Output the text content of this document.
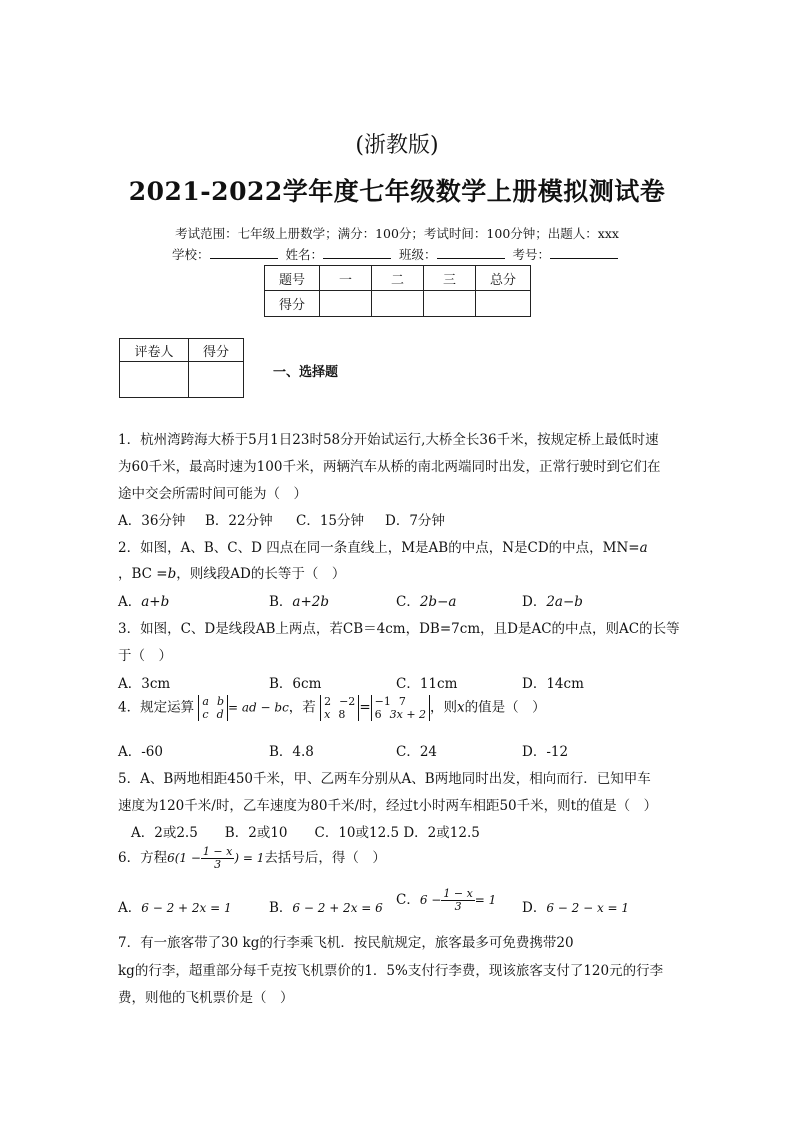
(浙教版)
2021-2022学年度七年级数学上册模拟测试卷
考试范围：七年级上册数学；满分：100分；考试时间：100分钟；出题人：xxx
学校：	姓名：	班级：	考号：
题号	一	二	三	总分
得分				
评卷人	得分

一、选择题
1．杭州湾跨海大桥于5月1日23时58分开始试运行,大桥全长36千米，按规定桥上最低时速
为60千米，最高时速为100千米，两辆汽车从桥的南北两端同时出发，正常行驶时到它们在
途中交会所需时间可能为（　）
A．36分钟 B．22分钟 C．15分钟 D．7分钟
2．如图，A、B、C、D 四点在同一条直线上，M是AB的中点，N是CD的中点，MN=a
，BC =b，则线段AD的长等于（　）
A．a+b	B．a+2b	C．2b−a	D．2a−b
3．如图，C、D是线段AB上两点，若CB＝4cm，DB=7cm，且D是AC的中点，则AC的长等
于（　）
A．3cm	B．6cm	C．11cm	D．14cm
4．规定运算 a b
c d = ad − bc，若 2 −2
x 8 = −1 7
6 3x + 2 ，则x的值是（　）
A．-60	B．4.8	C．24	D．-12
5．A、B两地相距450千米，甲、乙两车分别从A、B两地同时出发，相向而行．已知甲车
速度为120千米/时，乙车速度为80千米/时，经过t小时两车相距50千米，则t的值是（　）
A．2或2.5　　B．2或10　　C．10或12.5 D．2或12.5
6．方程$6(1 - \frac{1 - x}{3}$ ) = 1去括号后，得（　）
A．6 − 2 + 2x = 1	B．6 − 2 + 2x = 6 C．$6 - \frac{1 - x}{3} = 1$ D．6 − 2 − x = 1
7．有一旅客带了30 kg的行李乘飞机．按民航规定，旅客最多可免费携带20
kg的行李，超重部分每千克按飞机票价的1．5%支付行李费，现该旅客支付了120元的行李
费，则他的飞机票价是（　）
